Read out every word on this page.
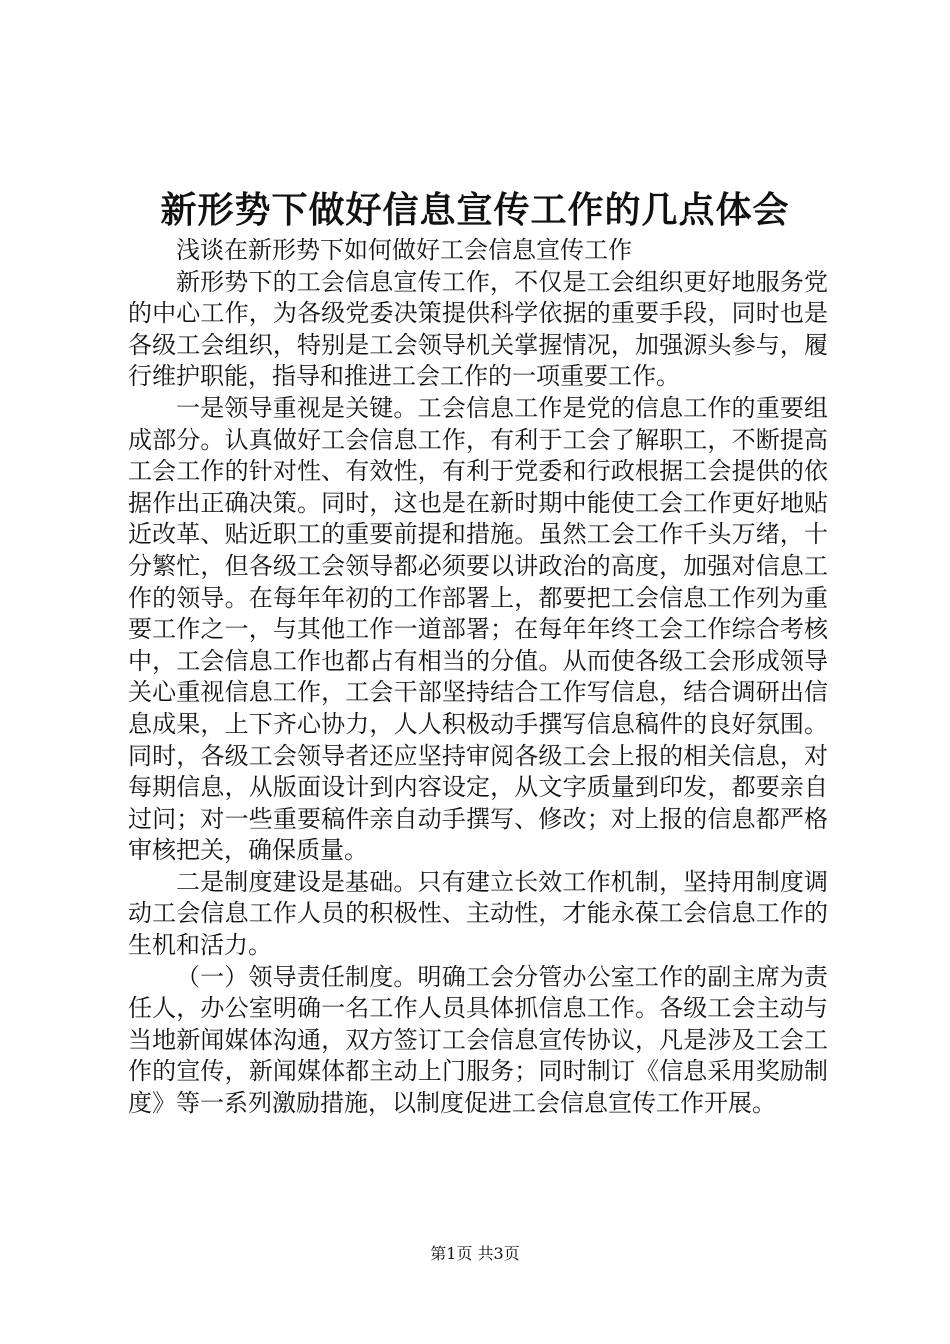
新形势下做好信息宣传工作的几点体会

浅谈在新形势下如何做好工会信息宣传工作

新形势下的工会信息宣传工作，不仅是工会组织更好地服务党的中心工作，为各级党委决策提供科学依据的重要手段，同时也是各级工会组织，特别是工会领导机关掌握情况，加强源头参与，履行维护职能，指导和推进工会工作的一项重要工作。

一是领导重视是关键。工会信息工作是党的信息工作的重要组成部分。认真做好工会信息工作，有利于工会了解职工，不断提高工会工作的针对性、有效性，有利于党委和行政根据工会提供的依据作出正确决策。同时，这也是在新时期中能使工会工作更好地贴近改革、贴近职工的重要前提和措施。虽然工会工作千头万绪，十分繁忙，但各级工会领导都必须要以讲政治的高度，加强对信息工作的领导。在每年年初的工作部署上，都要把工会信息工作列为重要工作之一，与其他工作一道部署；在每年年终工会工作综合考核中，工会信息工作也都占有相当的分值。从而使各级工会形成领导关心重视信息工作，工会干部坚持结合工作写信息，结合调研出信息成果，上下齐心协力，人人积极动手撰写信息稿件的良好氛围。同时，各级工会领导者还应坚持审阅各级工会上报的相关信息，对每期信息，从版面设计到内容设定，从文字质量到印发，都要亲自过问；对一些重要稿件亲自动手撰写、修改；对上报的信息都严格审核把关，确保质量。

二是制度建设是基础。只有建立长效工作机制，坚持用制度调动工会信息工作人员的积极性、主动性，才能永葆工会信息工作的生机和活力。

（一）领导责任制度。明确工会分管办公室工作的副主席为责任人，办公室明确一名工作人员具体抓信息工作。各级工会主动与当地新闻媒体沟通，双方签订工会信息宣传协议，凡是涉及工会工作的宣传，新闻媒体都主动上门服务；同时制订《信息采用奖励制度》等一系列激励措施，以制度促进工会信息宣传工作开展。

第1页 共3页
